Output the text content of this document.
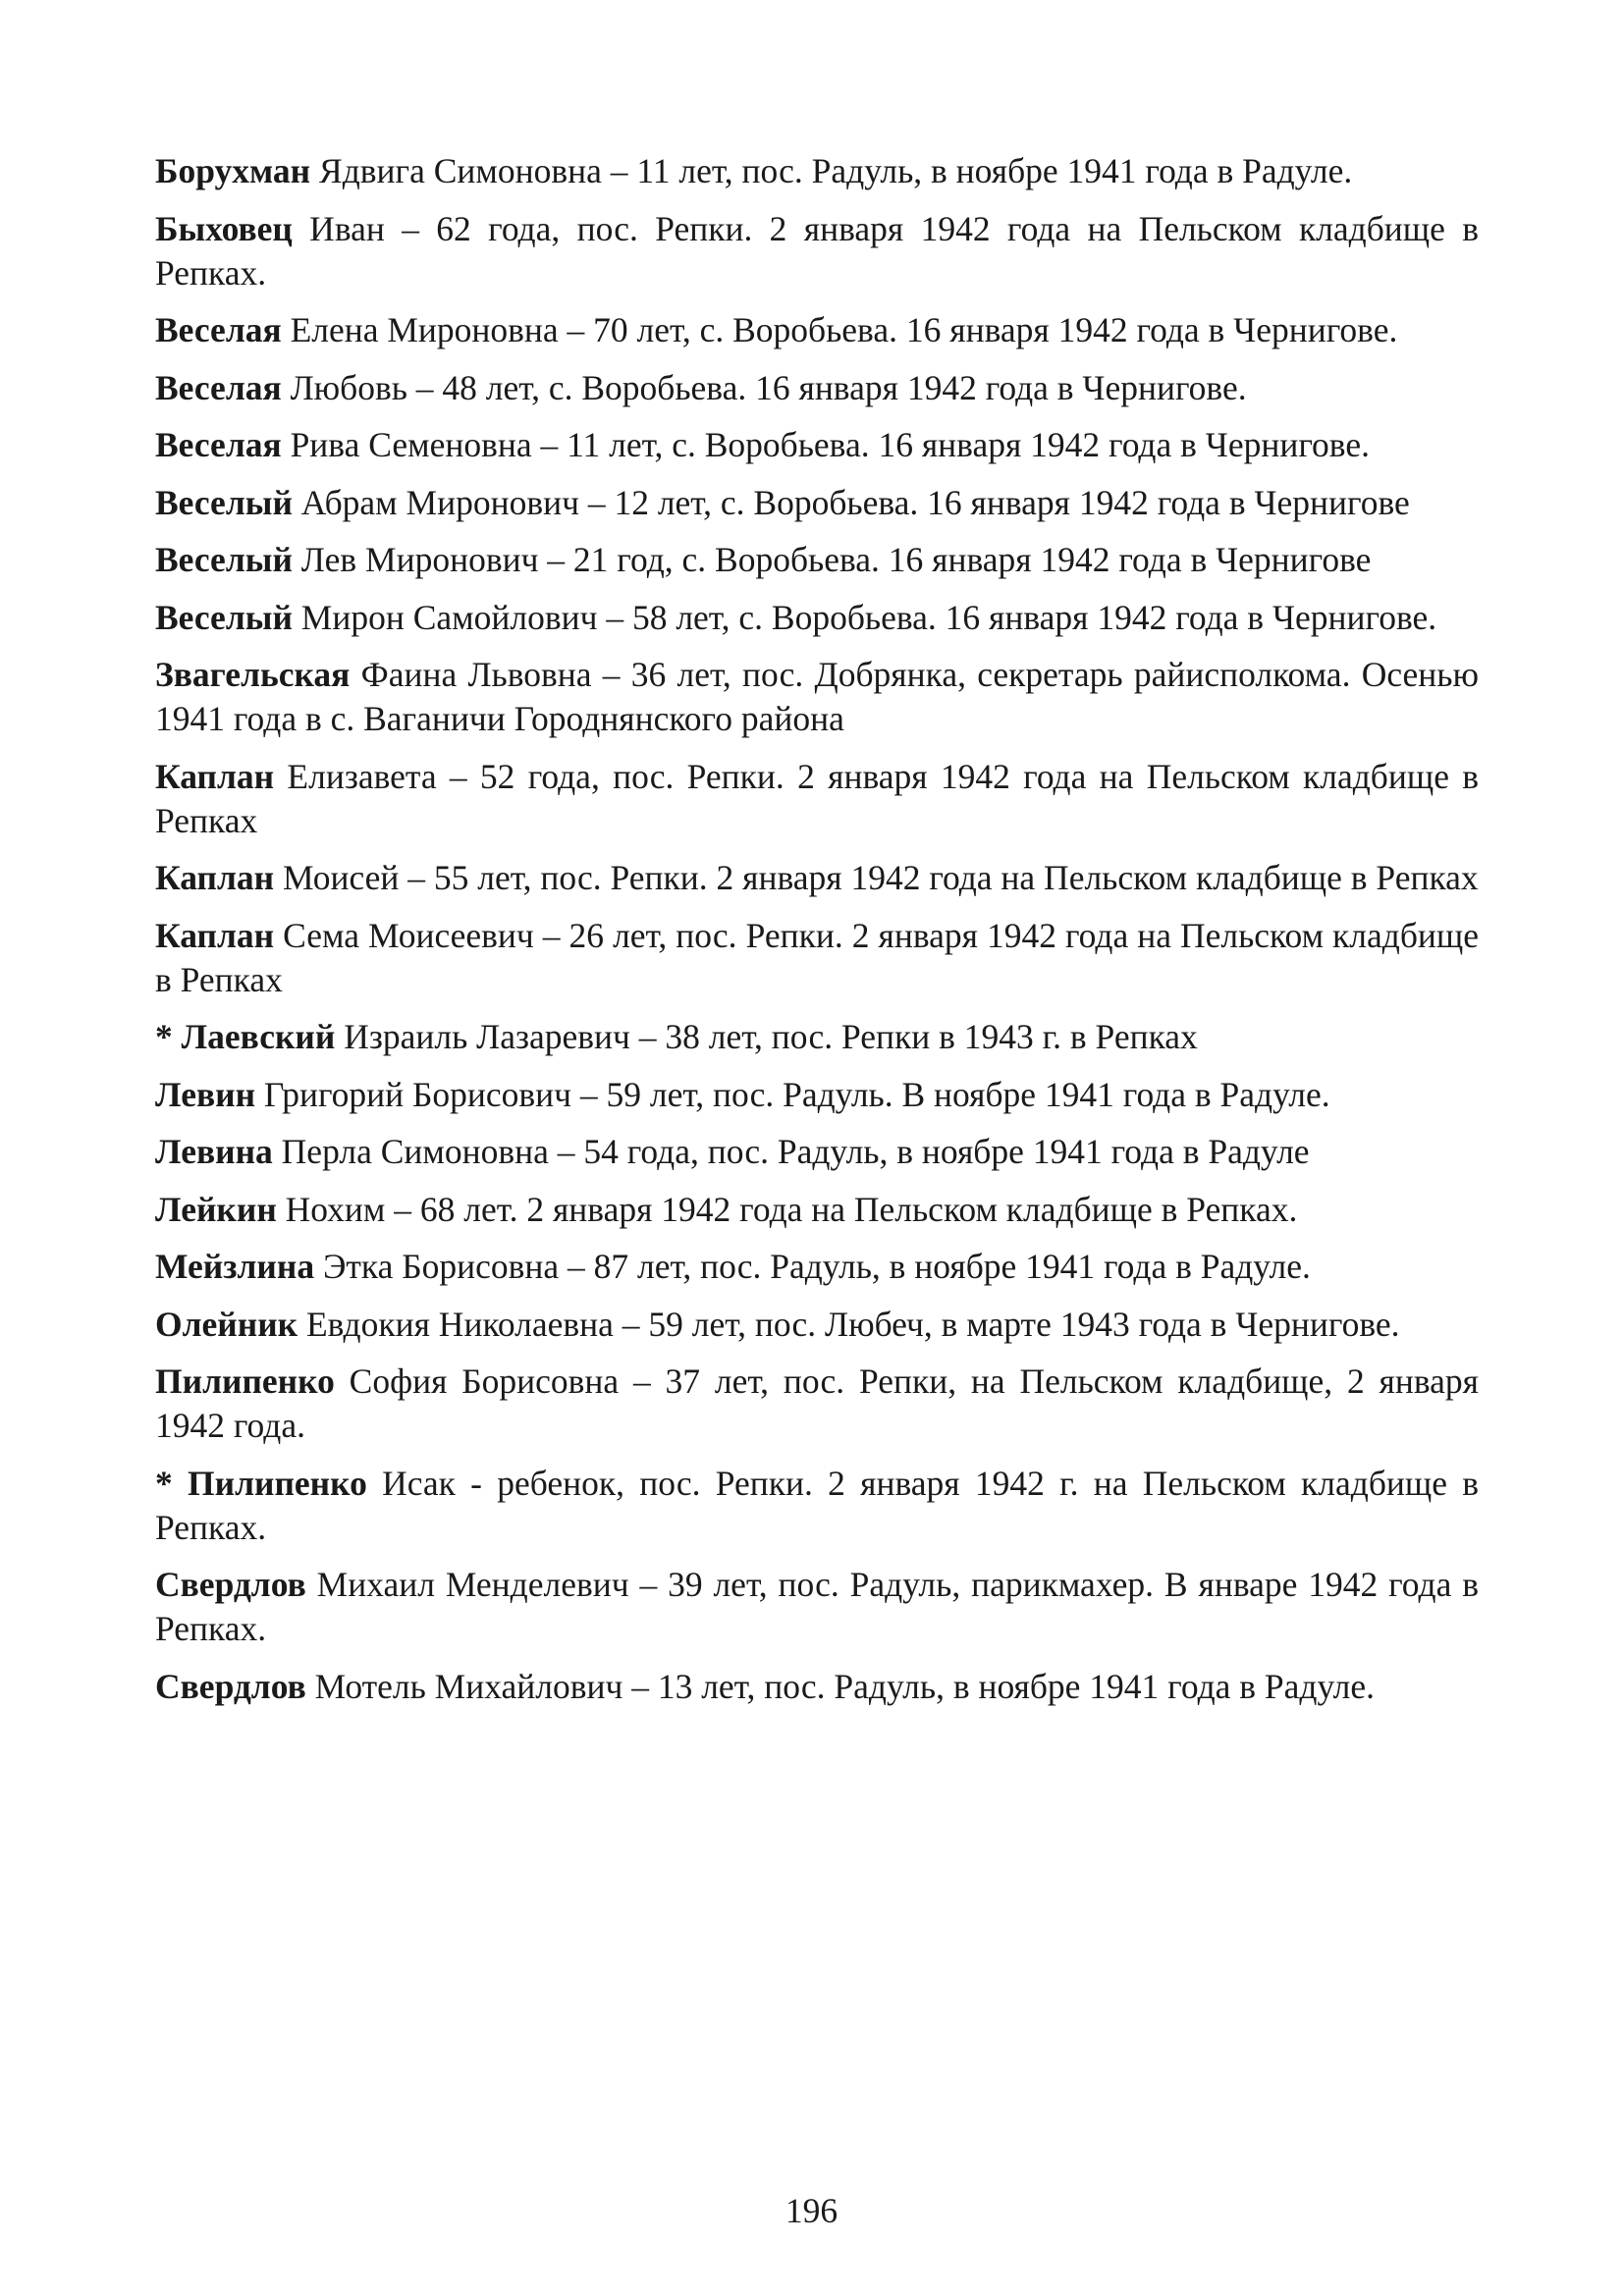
Борухман Ядвига Симоновна – 11 лет, пос. Радуль, в ноябре 1941 года в Радуле.
Быховец Иван – 62 года, пос. Репки. 2 января 1942 года на Пельском кладбище в Репках.
Веселая Елена Мироновна – 70 лет, с. Воробьева. 16 января 1942 года в Чернигове.
Веселая Любовь – 48 лет, с. Воробьева. 16 января 1942 года в Чернигове.
Веселая Рива Семеновна – 11 лет, с. Воробьева. 16 января 1942 года в Чернигове.
Веселый Абрам Миронович – 12 лет, с. Воробьева. 16 января 1942 года в Чернигове
Веселый Лев Миронович – 21 год, с. Воробьева. 16 января 1942 года в Чернигове
Веселый Мирон Самойлович – 58 лет, с. Воробьева. 16 января 1942 года в Чернигове.
Звагельская Фаина Львовна – 36 лет, пос. Добрянка, секретарь райисполкома. Осенью 1941 года в с. Ваганичи Городнянского района
Каплан Елизавета – 52 года, пос. Репки. 2 января 1942 года на Пельском кладбище в Репках
Каплан Моисей – 55 лет, пос. Репки. 2 января 1942 года на Пельском кладбище в Репках
Каплан Сема Моисеевич – 26 лет, пос. Репки. 2 января 1942 года на Пельском кладбище в Репках
* Лаевский Израиль Лазаревич – 38 лет, пос. Репки в 1943 г. в Репках
Левин Григорий Борисович – 59 лет, пос. Радуль. В ноябре 1941 года в Радуле.
Левина Перла Симоновна – 54 года, пос. Радуль, в ноябре 1941 года в Радуле
Лейкин Нохим – 68 лет. 2 января 1942 года на Пельском кладбище в Репках.
Мейзлина Этка Борисовна – 87 лет, пос. Радуль, в ноябре 1941 года в Радуле.
Олейник Евдокия Николаевна – 59 лет, пос. Любеч, в марте 1943 года в Чернигове.
Пилипенко София Борисовна – 37 лет, пос. Репки, на Пельском кладбище, 2 января 1942 года.
* Пилипенко Исак - ребенок, пос. Репки. 2 января 1942 г. на Пельском кладбище в Репках.
Свердлов Михаил Менделевич – 39 лет, пос. Радуль, парикмахер. В январе 1942 года в Репках.
Свердлов Мотель Михайлович – 13 лет, пос. Радуль, в ноябре 1941 года в Радуле.
196
